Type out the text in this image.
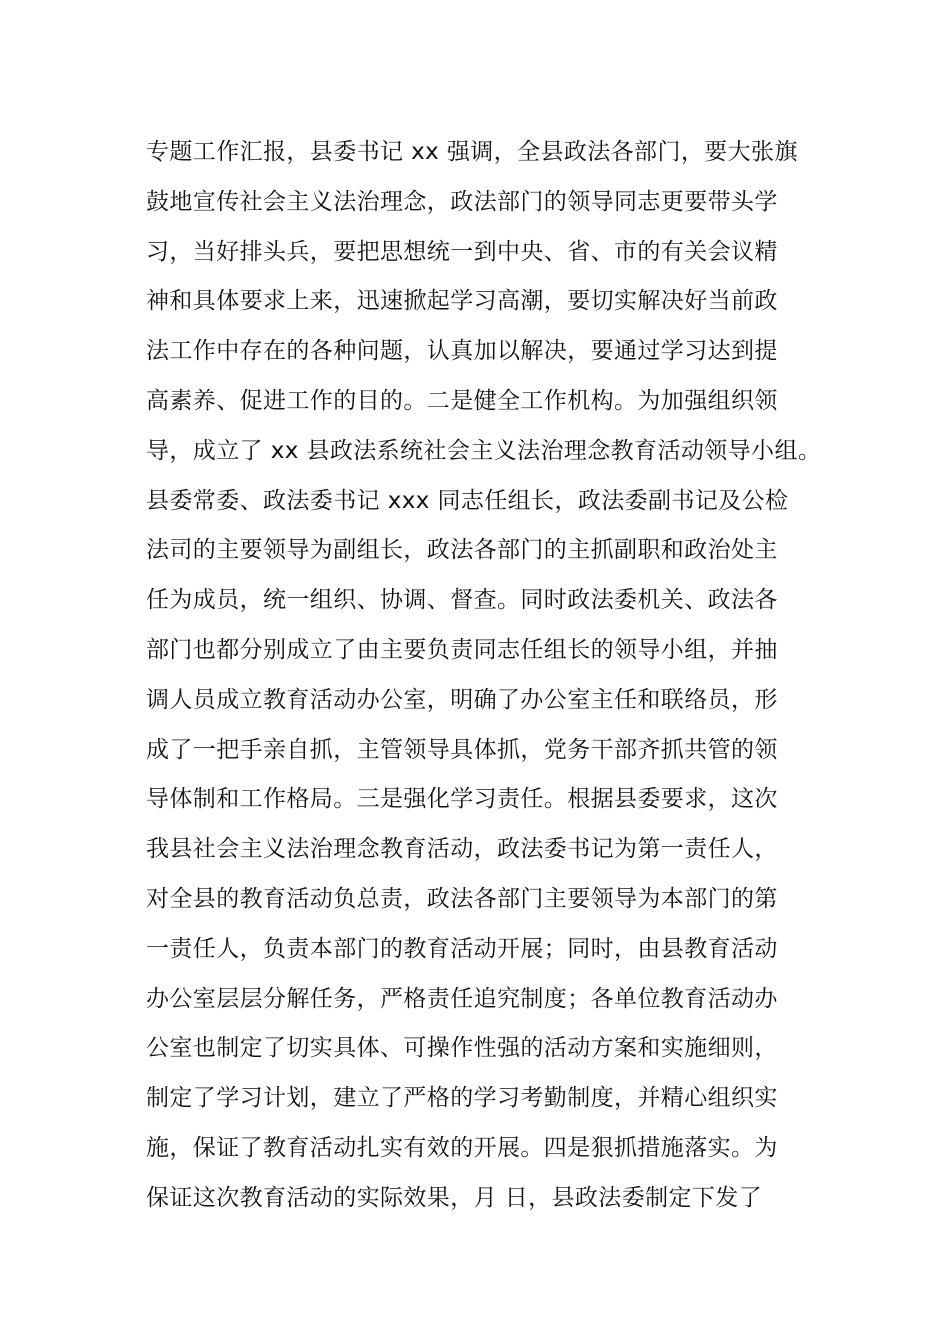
专题工作汇报，县委书记 xx 强调，全县政法各部门，要大张旗
鼓地宣传社会主义法治理念，政法部门的领导同志更要带头学
习，当好排头兵，要把思想统一到中央、省、市的有关会议精
神和具体要求上来，迅速掀起学习高潮，要切实解决好当前政
法工作中存在的各种问题，认真加以解决，要通过学习达到提
高素养、促进工作的目的。二是健全工作机构。为加强组织领
导，成立了 xx 县政法系统社会主义法治理念教育活动领导小组。
县委常委、政法委书记 xxx 同志任组长，政法委副书记及公检
法司的主要领导为副组长，政法各部门的主抓副职和政治处主
任为成员，统一组织、协调、督查。同时政法委机关、政法各
部门也都分别成立了由主要负责同志任组长的领导小组，并抽
调人员成立教育活动办公室，明确了办公室主任和联络员，形
成了一把手亲自抓，主管领导具体抓，党务干部齐抓共管的领
导体制和工作格局。三是强化学习责任。根据县委要求，这次
我县社会主义法治理念教育活动，政法委书记为第一责任人，
对全县的教育活动负总责，政法各部门主要领导为本部门的第
一责任人，负责本部门的教育活动开展；同时，由县教育活动
办公室层层分解任务，严格责任追究制度；各单位教育活动办
公室也制定了切实具体、可操作性强的活动方案和实施细则，
制定了学习计划，建立了严格的学习考勤制度，并精心组织实
施，保证了教育活动扎实有效的开展。四是狠抓措施落实。为
保证这次教育活动的实际效果，月 日，县政法委制定下发了
